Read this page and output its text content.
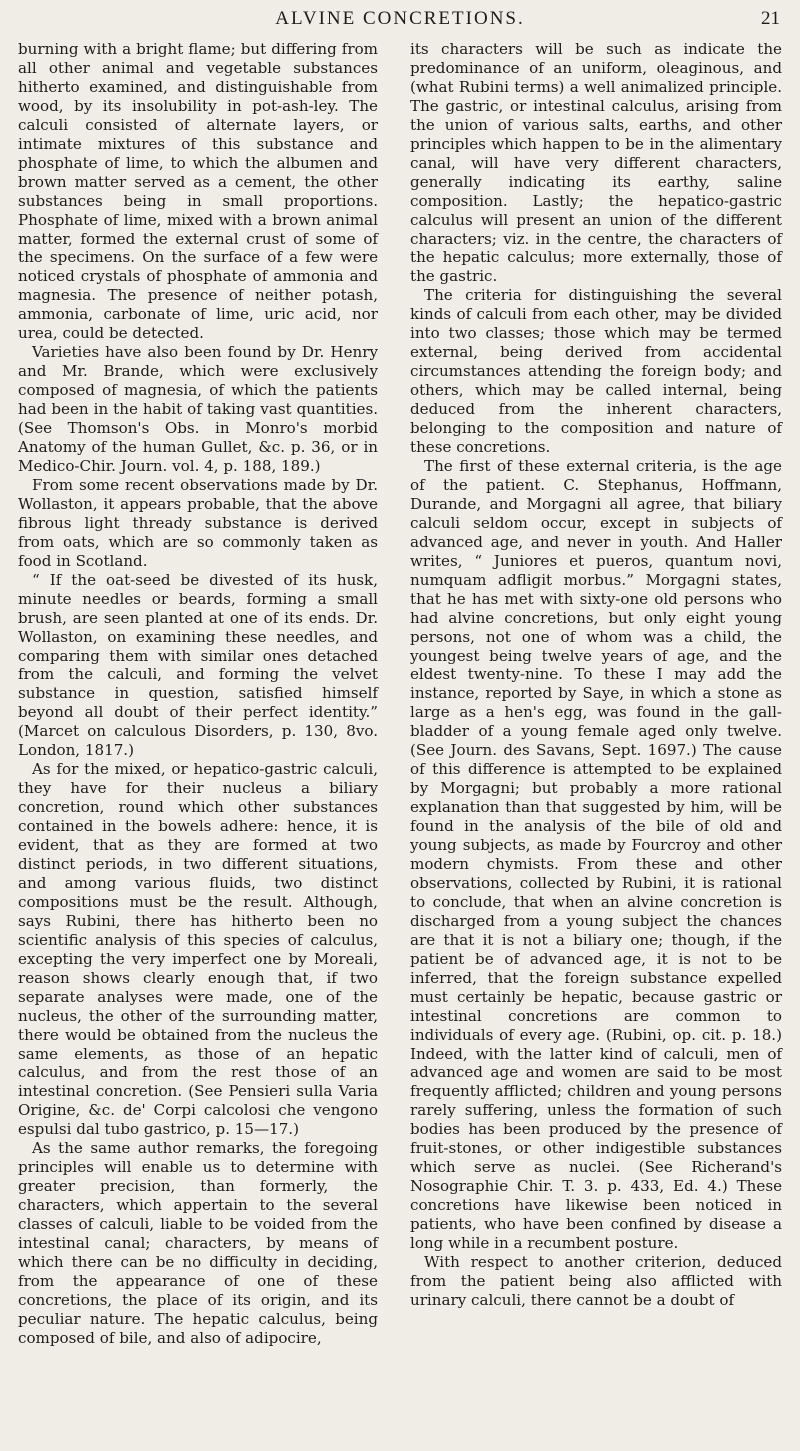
ALVINE CONCRETIONS.	21

burning with a bright flame; but differing from all other animal and vegetable substances hitherto examined, and distinguishable from wood, by its insolubility in pot-ash-ley. The calculi consisted of alternate layers, or intimate mixtures of this substance and phosphate of lime, to which the albumen and brown matter served as a cement, the other substances being in small proportions. Phosphate of lime, mixed with a brown animal matter, formed the external crust of some of the specimens. On the surface of a few were noticed crystals of phosphate of ammonia and magnesia. The presence of neither potash, ammonia, carbonate of lime, uric acid, nor urea, could be detected.

Varieties have also been found by Dr. Henry and Mr. Brande, which were exclusively composed of magnesia, of which the patients had been in the habit of taking vast quantities. (See Thomson's Obs. in Monro's morbid Anatomy of the human Gullet, &c. p. 36, or in Medico-Chir. Journ. vol. 4, p. 188, 189.)

From some recent observations made by Dr. Wollaston, it appears probable, that the above fibrous light thready substance is derived from oats, which are so commonly taken as food in Scotland.

“ If the oat-seed be divested of its husk, minute needles or beards, forming a small brush, are seen planted at one of its ends. Dr. Wollaston, on examining these needles, and comparing them with similar ones detached from the calculi, and forming the velvet substance in question, satisfied himself beyond all doubt of their perfect identity.” (Marcet on calculous Disorders, p. 130, 8vo. London, 1817.)

As for the mixed, or hepatico-gastric calculi, they have for their nucleus a biliary concretion, round which other substances contained in the bowels adhere: hence, it is evident, that as they are formed at two distinct periods, in two different situations, and among various fluids, two distinct compositions must be the result. Although, says Rubini, there has hitherto been no scientific analysis of this species of calculus, excepting the very imperfect one by Moreali, reason shows clearly enough that, if two separate analyses were made, one of the nucleus, the other of the surrounding matter, there would be obtained from the nucleus the same elements, as those of an hepatic calculus, and from the rest those of an intestinal concretion. (See Pensieri sulla Varia Origine, &c. de' Corpi calcolosi che vengono espulsi dal tubo gastrico, p. 15—17.)

As the same author remarks, the foregoing principles will enable us to determine with greater precision, than formerly, the characters, which appertain to the several classes of calculi, liable to be voided from the intestinal canal; characters, by means of which there can be no difficulty in deciding, from the appearance of one of these concretions, the place of its origin, and its peculiar nature. The hepatic calculus, being composed of bile, and also of adipocire,

its characters will be such as indicate the predominance of an uniform, oleaginous, and (what Rubini terms) a well animalized principle. The gastric, or intestinal calculus, arising from the union of various salts, earths, and other principles which happen to be in the alimentary canal, will have very different characters, generally indicating its earthy, saline composition. Lastly; the hepatico-gastric calculus will present an union of the different characters; viz. in the centre, the characters of the hepatic calculus; more externally, those of the gastric.

The criteria for distinguishing the several kinds of calculi from each other, may be divided into two classes; those which may be termed external, being derived from accidental circumstances attending the foreign body; and others, which may be called internal, being deduced from the inherent characters, belonging to the composition and nature of these concretions.

The first of these external criteria, is the age of the patient. C. Stephanus, Hoffmann, Durande, and Morgagni all agree, that biliary calculi seldom occur, except in subjects of advanced age, and never in youth. And Haller writes, “ Juniores et pueros, quantum novi, numquam adfligit morbus.” Morgagni states, that he has met with sixty-one old persons who had alvine concretions, but only eight young persons, not one of whom was a child, the youngest being twelve years of age, and the eldest twenty-nine. To these I may add the instance, reported by Saye, in which a stone as large as a hen's egg, was found in the gall-bladder of a young female aged only twelve. (See Journ. des Savans, Sept. 1697.) The cause of this difference is attempted to be explained by Morgagni; but probably a more rational explanation than that suggested by him, will be found in the analysis of the bile of old and young subjects, as made by Fourcroy and other modern chymists. From these and other observations, collected by Rubini, it is rational to conclude, that when an alvine concretion is discharged from a young subject the chances are that it is not a biliary one; though, if the patient be of advanced age, it is not to be inferred, that the foreign substance expelled must certainly be hepatic, because gastric or intestinal concretions are common to individuals of every age. (Rubini, op. cit. p. 18.) Indeed, with the latter kind of calculi, men of advanced age and women are said to be most frequently afflicted; children and young persons rarely suffering, unless the formation of such bodies has been produced by the presence of fruit-stones, or other indigestible substances which serve as nuclei. (See Richerand's Nosographie Chir. T. 3. p. 433, Ed. 4.) These concretions have likewise been noticed in patients, who have been confined by disease a long while in a recumbent posture.

With respect to another criterion, deduced from the patient being also afflicted with urinary calculi, there cannot be a doubt of
